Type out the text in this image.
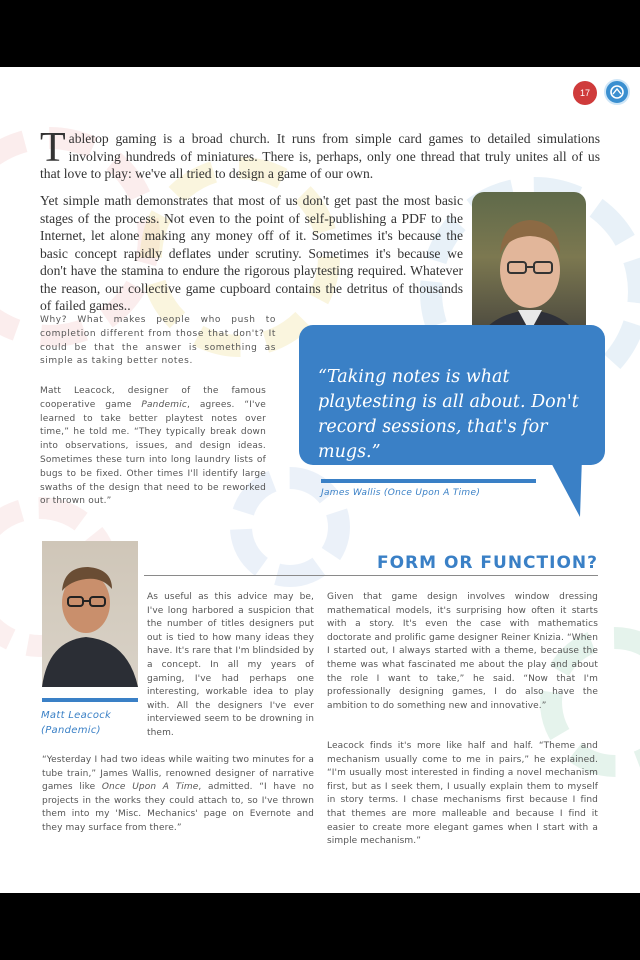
17

Tabletop gaming is a broad church. It runs from simple card games to detailed simulations involving hundreds of miniatures. There is, perhaps, only one thread that truly unites all of us that love to play: we've all tried to design a game of our own.

Yet simple math demonstrates that most of us don't get past the most basic stages of the process. Not even to the point of self-publishing a PDF to the Internet, let alone making any money off of it. Sometimes it's because the basic concept rapidly deflates under scrutiny. Sometimes it's because we don't have the stamina to endure the rigorous playtesting required. Whatever the reason, our collective game cupboard contains the detritus of thousands of failed games..

Why? What makes people who push to completion different from those that don't? It could be that the answer is something as simple as taking better notes.

Matt Leacock, designer of the famous cooperative game Pandemic, agrees. “I've learned to take better playtest notes over time,” he told me. “They typically break down into observations, issues, and design ideas. Sometimes these turn into long laundry lists of bugs to be fixed. Other times I'll identify large swaths of the design that need to be reworked or thrown out.”

“Taking notes is what playtesting is all about. Don't record sessions, that's for mugs.”

James Wallis (Once Upon A Time)

Matt Leacock
(Pandemic)

FORM OR FUNCTION?

As useful as this advice may be, I've long harbored a suspicion that the number of titles designers put out is tied to how many ideas they have. It's rare that I'm blindsided by a concept. In all my years of gaming, I've had perhaps one interesting, workable idea to play with. All the designers I've ever interviewed seem to be drowning in them.

“Yesterday I had two ideas while waiting two minutes for a tube train,” James Wallis, renowned designer of narrative games like Once Upon A Time, admitted. “I have no projects in the works they could attach to, so I've thrown them into my 'Misc. Mechanics' page on Evernote and they may surface from there.”

Given that game design involves window dressing mathematical models, it's surprising how often it starts with a story. It's even the case with mathematics doctorate and prolific game designer Reiner Knizia. “When I started out, I always started with a theme, because the theme was what fascinated me about the play and about the role I want to take,” he said. “Now that I'm professionally designing games, I do also have the ambition to do something new and innovative.”

Leacock finds it's more like half and half. “Theme and mechanism usually come to me in pairs,” he explained. “I'm usually most interested in finding a novel mechanism first, but as I seek them, I usually explain them to myself in story terms. I chase mechanisms first because I find that themes are more malleable and because I find it easier to create more elegant games when I start with a simple mechanism.”
